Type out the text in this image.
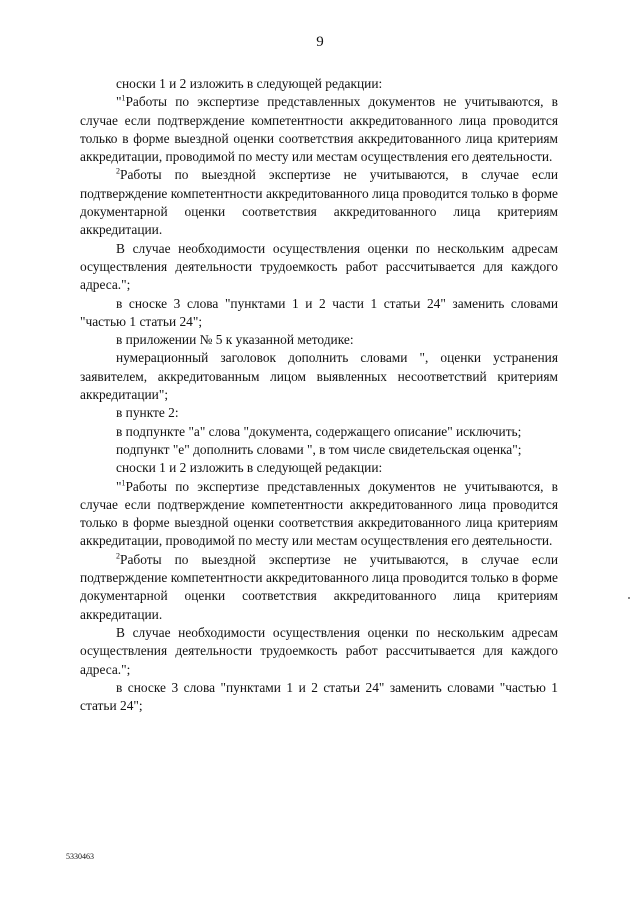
9

сноски 1 и 2 изложить в следующей редакции:

"$^1$Работы по экспертизе представленных документов не учитываются, в случае если подтверждение компетентности аккредитованного лица проводится только в форме выездной оценки соответствия аккредитованного лица критериям аккредитации, проводимой по месту или местам осуществления его деятельности.

$^2$Работы по выездной экспертизе не учитываются, в случае если подтверждение компетентности аккредитованного лица проводится только в форме документарной оценки соответствия аккредитованного лица критериям аккредитации.

В случае необходимости осуществления оценки по нескольким адресам осуществления деятельности трудоемкость работ рассчитывается для каждого адреса.";

в сноске 3 слова "пунктами 1 и 2 части 1 статьи 24" заменить словами "частью 1 статьи 24";

в приложении № 5 к указанной методике:

нумерационный заголовок дополнить словами ", оценки устранения заявителем, аккредитованным лицом выявленных несоответствий критериям аккредитации";

в пункте 2:

в подпункте "а" слова "документа, содержащего описание" исключить;

подпункт "е" дополнить словами ", в том числе свидетельская оценка";

сноски 1 и 2 изложить в следующей редакции:

"$^1$Работы по экспертизе представленных документов не учитываются, в случае если подтверждение компетентности аккредитованного лица проводится только в форме выездной оценки соответствия аккредитованного лица критериям аккредитации, проводимой по месту или местам осуществления его деятельности.

$^2$Работы по выездной экспертизе не учитываются, в случае если подтверждение компетентности аккредитованного лица проводится только в форме документарной оценки соответствия аккредитованного лица критериям аккредитации.

В случае необходимости осуществления оценки по нескольким адресам осуществления деятельности трудоемкость работ рассчитывается для каждого адреса.";

в сноске 3 слова "пунктами 1 и 2 статьи 24" заменить словами "частью 1 статьи 24";

5330463
